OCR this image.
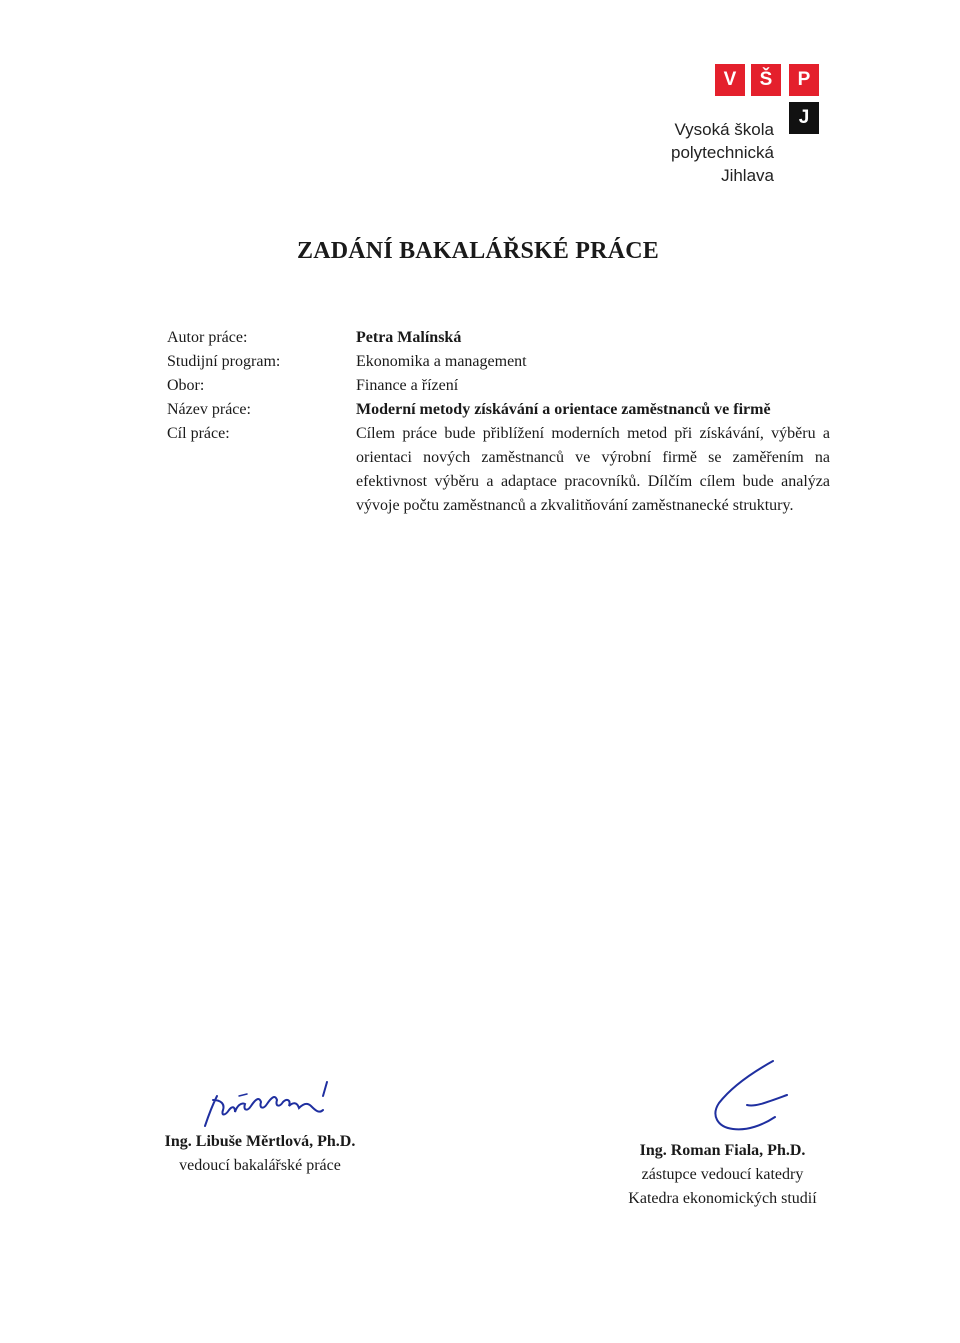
V	Š	P
J
Vysoká škola
polytechnická
Jihlava
ZADÁNÍ BAKALÁŘSKÉ PRÁCE
Autor práce:
Studijní program:
Obor:
Název práce:
Cíl práce:
Petra Malínská
Ekonomika a management
Finance a řízení
Moderní metody získávání a orientace zaměstnanců ve firmě
Cílem práce bude přiblížení moderních metod při získávání, výběru a orientaci nových zaměstnanců ve výrobní firmě se zaměřením na efektivnost výběru a adaptace pracovníků. Dílčím cílem bude analýza vývoje počtu zaměstnanců a zkvalitňování zaměstnanecké struktury.
Ing. Libuše Měrtlová, Ph.D.
vedoucí bakalářské práce
Ing. Roman Fiala, Ph.D.
zástupce vedoucí katedry
Katedra ekonomických studií
